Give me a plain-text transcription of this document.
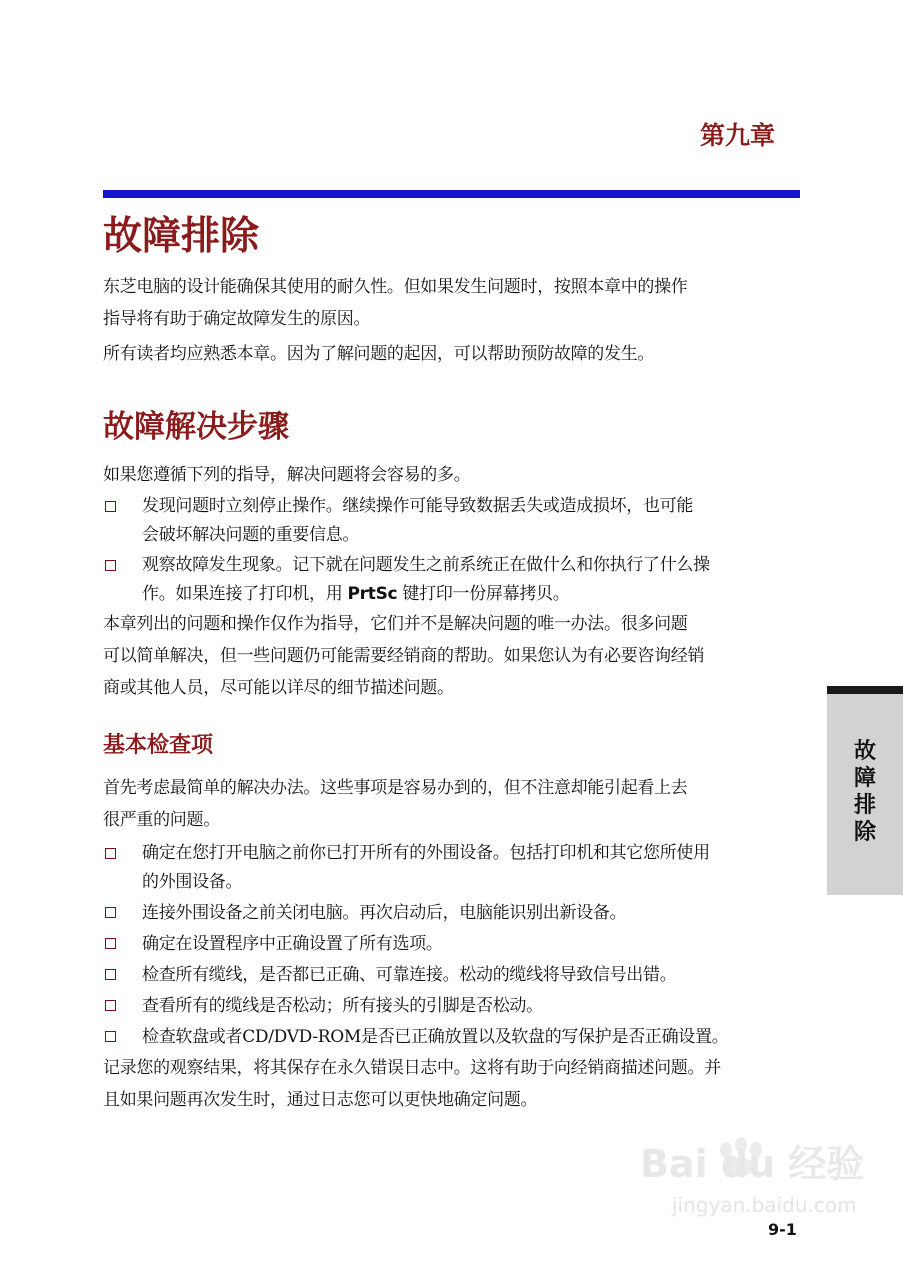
第九章
故障排除

东芝电脑的设计能确保其使用的耐久性。但如果发生问题时，按照本章中的操作

指导将有助于确定故障发生的原因。

所有读者均应熟悉本章。因为了解问题的起因，可以帮助预防故障的发生。

故障解决步骤

如果您遵循下列的指导，解决问题将会容易的多。

发现问题时立刻停止操作。继续操作可能导致数据丢失或造成损坏，也可能
会破坏解决问题的重要信息。
观察故障发生现象。记下就在问题发生之前系统正在做什么和你执行了什么操
作。如果连接了打印机，用 PrtSc 键打印一份屏幕拷贝。

本章列出的问题和操作仅作为指导，它们并不是解决问题的唯一办法。很多问题

可以简单解决，但一些问题仍可能需要经销商的帮助。如果您认为有必要咨询经销

商或其他人员，尽可能以详尽的细节描述问题。

基本检查项

首先考虑最简单的解决办法。这些事项是容易办到的，但不注意却能引起看上去

很严重的问题。

确定在您打开电脑之前你已打开所有的外围设备。包括打印机和其它您所使用
的外围设备。
连接外围设备之前关闭电脑。再次启动后，电脑能识别出新设备。
确定在设置程序中正确设置了所有选项。
检查所有缆线，是否都已正确、可靠连接。松动的缆线将导致信号出错。
查看所有的缆线是否松动；所有接头的引脚是否松动。
检查软盘或者CD/DVD-ROM是否已正确放置以及软盘的写保护是否正确设置。

记录您的观察结果，将其保存在永久错误日志中。这将有助于向经销商描述问题。并

且如果问题再次发生时，通过日志您可以更快地确定问题。

故障排除
Bai du 经验
jingyan.baidu.com
9-1
